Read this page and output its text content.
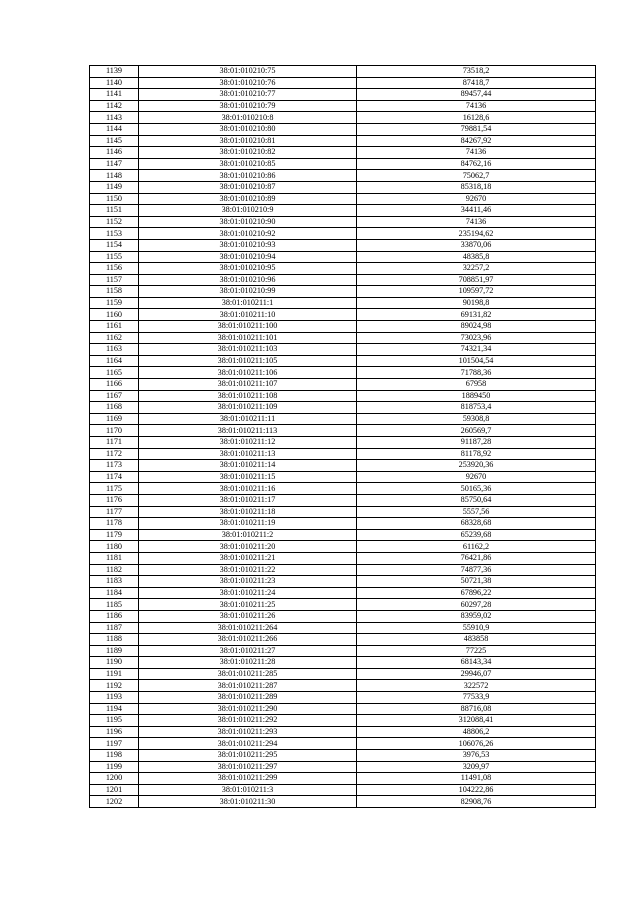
1139	38:01:010210:75	73518,2
1140	38:01:010210:76	87418,7
1141	38:01:010210:77	89457,44
1142	38:01:010210:79	74136
1143	38:01:010210:8	16128,6
1144	38:01:010210:80	79881,54
1145	38:01:010210:81	84267,92
1146	38:01:010210:82	74136
1147	38:01:010210:85	84762,16
1148	38:01:010210:86	75062,7
1149	38:01:010210:87	85318,18
1150	38:01:010210:89	92670
1151	38:01:010210:9	34411,46
1152	38:01:010210:90	74136
1153	38:01:010210:92	235194,62
1154	38:01:010210:93	33870,06
1155	38:01:010210:94	48385,8
1156	38:01:010210:95	32257,2
1157	38:01:010210:96	708851,97
1158	38:01:010210:99	109597,72
1159	38:01:010211:1	90198,8
1160	38:01:010211:10	69131,82
1161	38:01:010211:100	89024,98
1162	38:01:010211:101	73023,96
1163	38:01:010211:103	74321,34
1164	38:01:010211:105	101504,54
1165	38:01:010211:106	71788,36
1166	38:01:010211:107	67958
1167	38:01:010211:108	1889450
1168	38:01:010211:109	818753,4
1169	38:01:010211:11	59308,8
1170	38:01:010211:113	260569,7
1171	38:01:010211:12	91187,28
1172	38:01:010211:13	81178,92
1173	38:01:010211:14	253920,36
1174	38:01:010211:15	92670
1175	38:01:010211:16	50165,36
1176	38:01:010211:17	85750,64
1177	38:01:010211:18	5557,56
1178	38:01:010211:19	68328,68
1179	38:01:010211:2	65239,68
1180	38:01:010211:20	61162,2
1181	38:01:010211:21	76421,86
1182	38:01:010211:22	74877,36
1183	38:01:010211:23	50721,38
1184	38:01:010211:24	67896,22
1185	38:01:010211:25	60297,28
1186	38:01:010211:26	83959,02
1187	38:01:010211:264	55910,9
1188	38:01:010211:266	483858
1189	38:01:010211:27	77225
1190	38:01:010211:28	68143,34
1191	38:01:010211:285	29946,07
1192	38:01:010211:287	322572
1193	38:01:010211:289	77533,9
1194	38:01:010211:290	88716,08
1195	38:01:010211:292	312088,41
1196	38:01:010211:293	48806,2
1197	38:01:010211:294	106076,26
1198	38:01:010211:295	3976,53
1199	38:01:010211:297	3209,97
1200	38:01:010211:299	11491,08
1201	38:01:010211:3	104222,86
1202	38:01:010211:30	82908,76
